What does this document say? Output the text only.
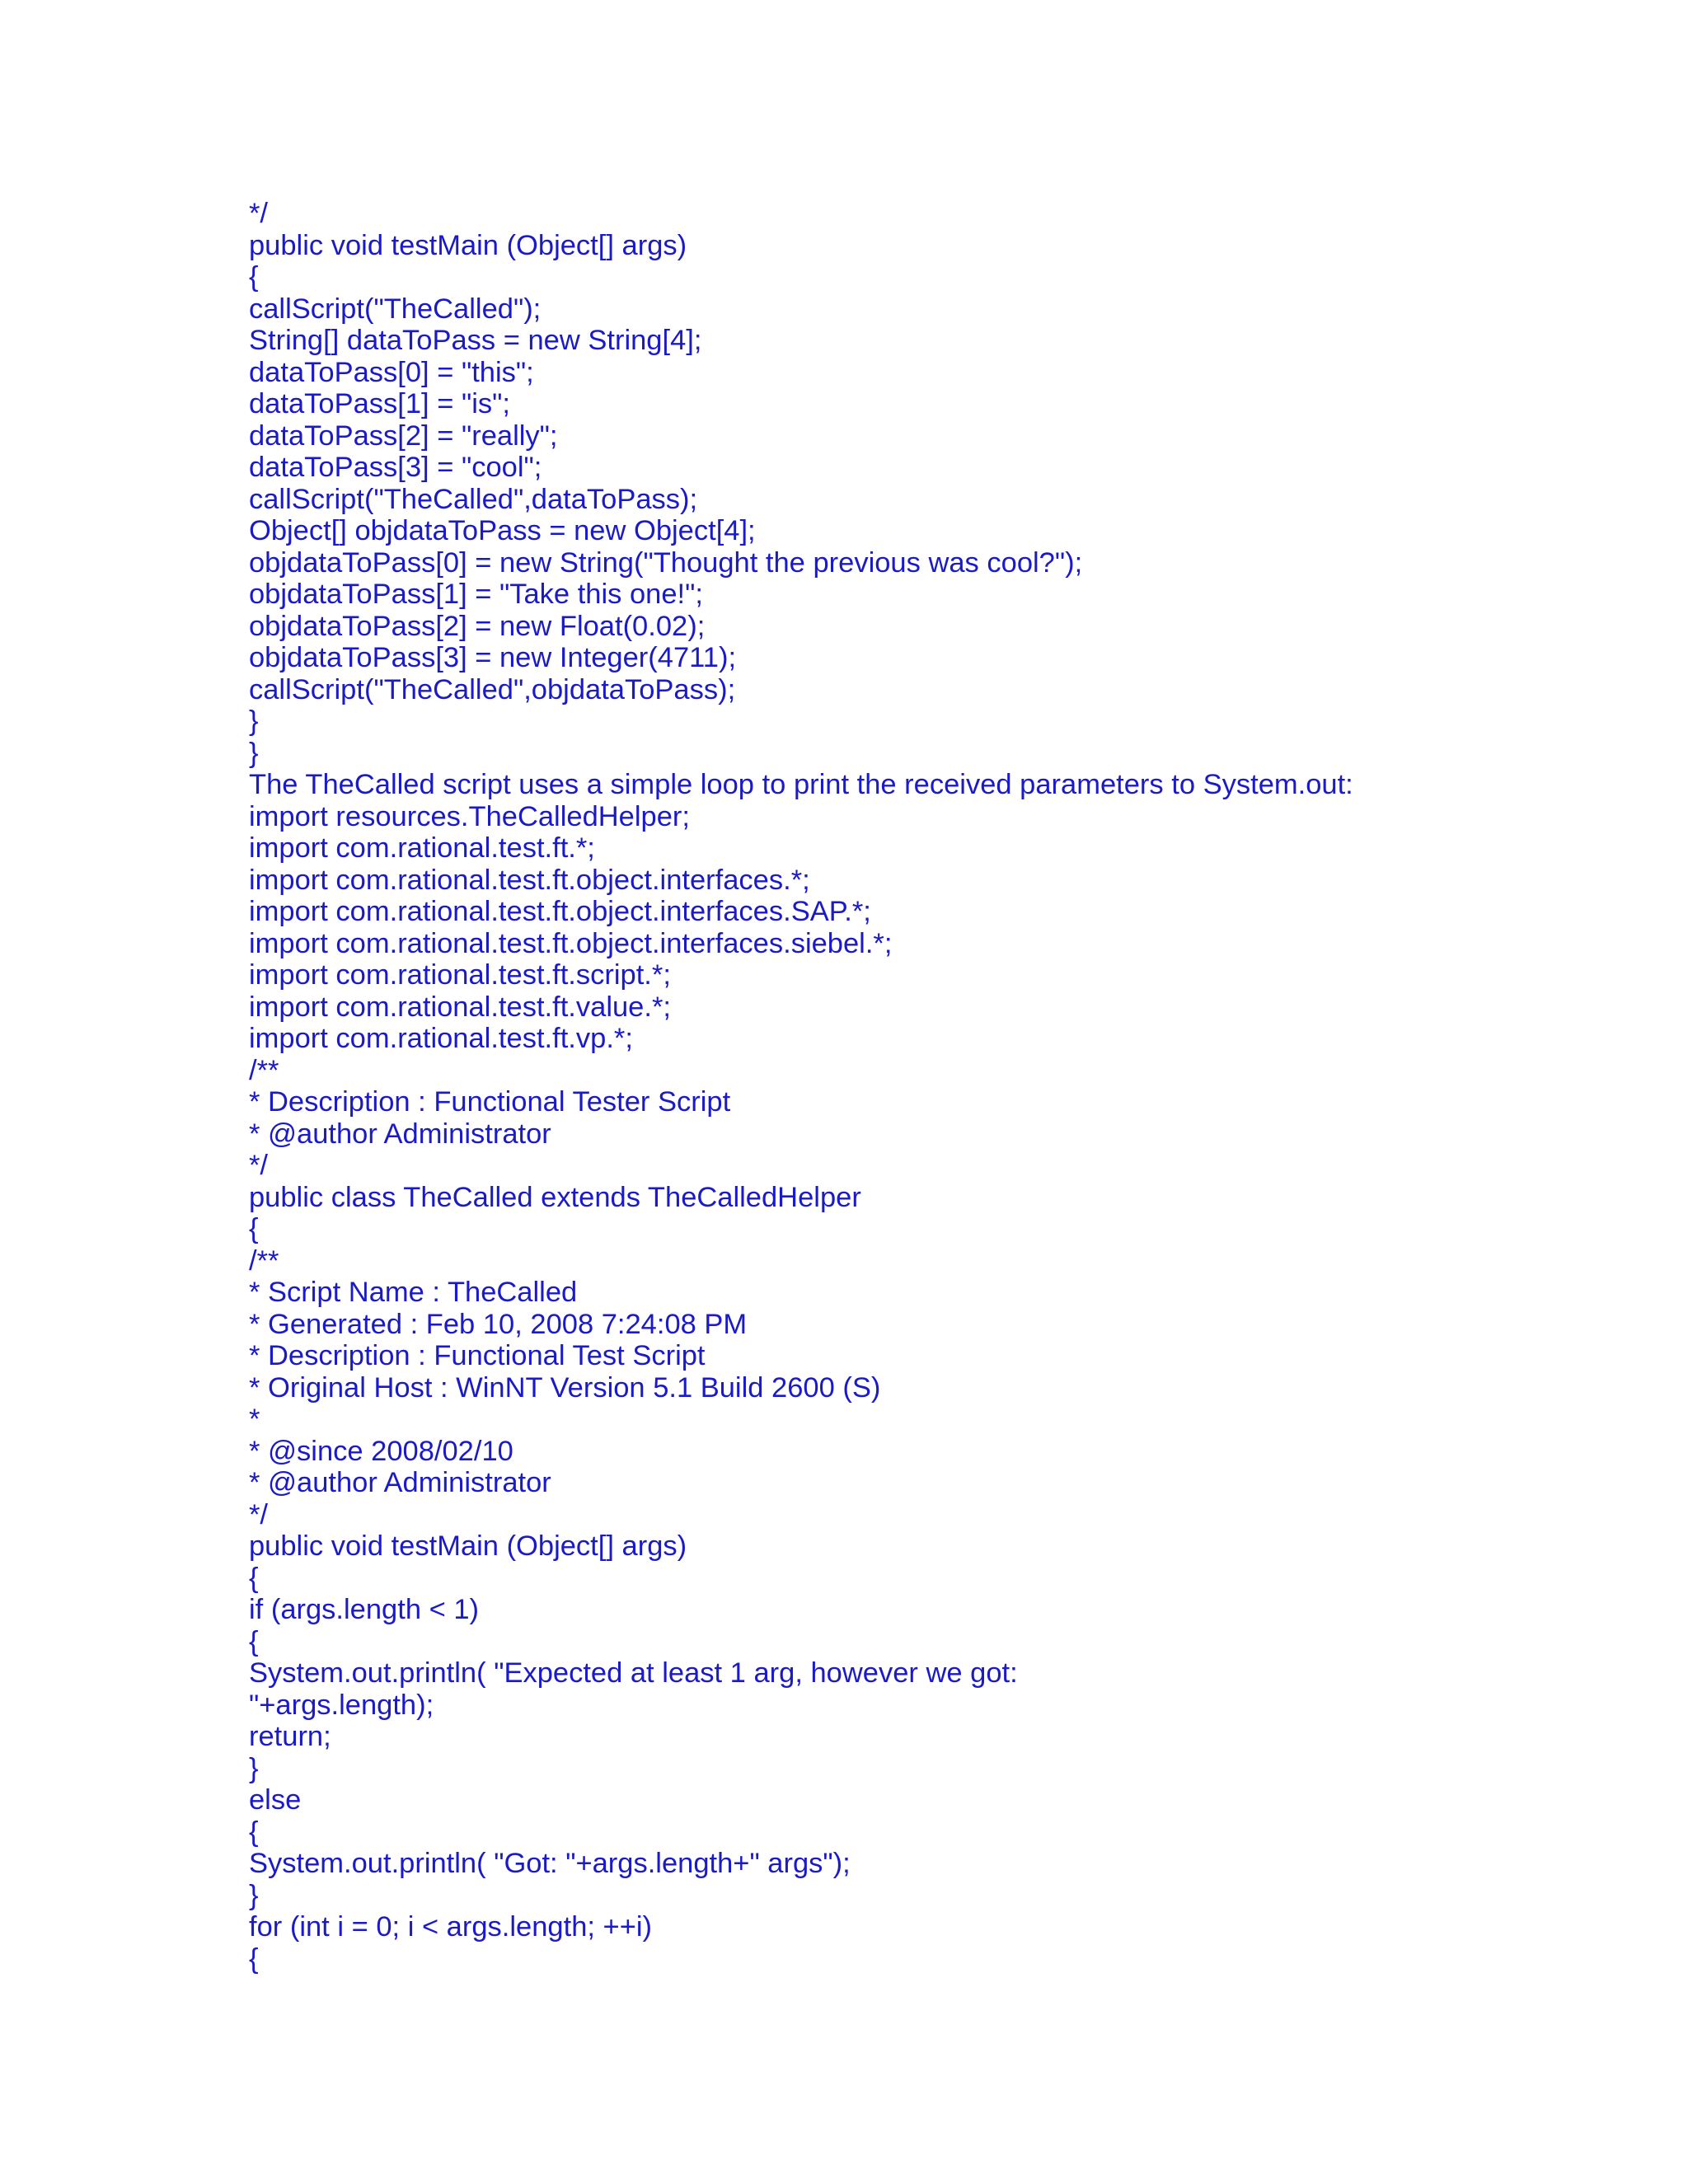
*/
public void testMain (Object[] args)
{
callScript("TheCalled");
String[] dataToPass = new String[4];
dataToPass[0] = "this";
dataToPass[1] = "is";
dataToPass[2] = "really";
dataToPass[3] = "cool";
callScript("TheCalled",dataToPass);
Object[] objdataToPass = new Object[4];
objdataToPass[0] = new String("Thought the previous was cool?");
objdataToPass[1] = "Take this one!";
objdataToPass[2] = new Float(0.02);
objdataToPass[3] = new Integer(4711);
callScript("TheCalled",objdataToPass);
}
}
The TheCalled script uses a simple loop to print the received parameters to System.out:
import resources.TheCalledHelper;
import com.rational.test.ft.*;
import com.rational.test.ft.object.interfaces.*;
import com.rational.test.ft.object.interfaces.SAP.*;
import com.rational.test.ft.object.interfaces.siebel.*;
import com.rational.test.ft.script.*;
import com.rational.test.ft.value.*;
import com.rational.test.ft.vp.*;
/**
* Description : Functional Tester Script
* @author Administrator
*/
public class TheCalled extends TheCalledHelper
{
/**
* Script Name : TheCalled
* Generated : Feb 10, 2008 7:24:08 PM
* Description : Functional Test Script
* Original Host : WinNT Version 5.1 Build 2600 (S)
*
* @since 2008/02/10
* @author Administrator
*/
public void testMain (Object[] args)
{
if (args.length < 1)
{
System.out.println( "Expected at least 1 arg, however we got:
"+args.length);
return;
}
else
{
System.out.println( "Got: "+args.length+" args");
}
for (int i = 0; i < args.length; ++i)
{
